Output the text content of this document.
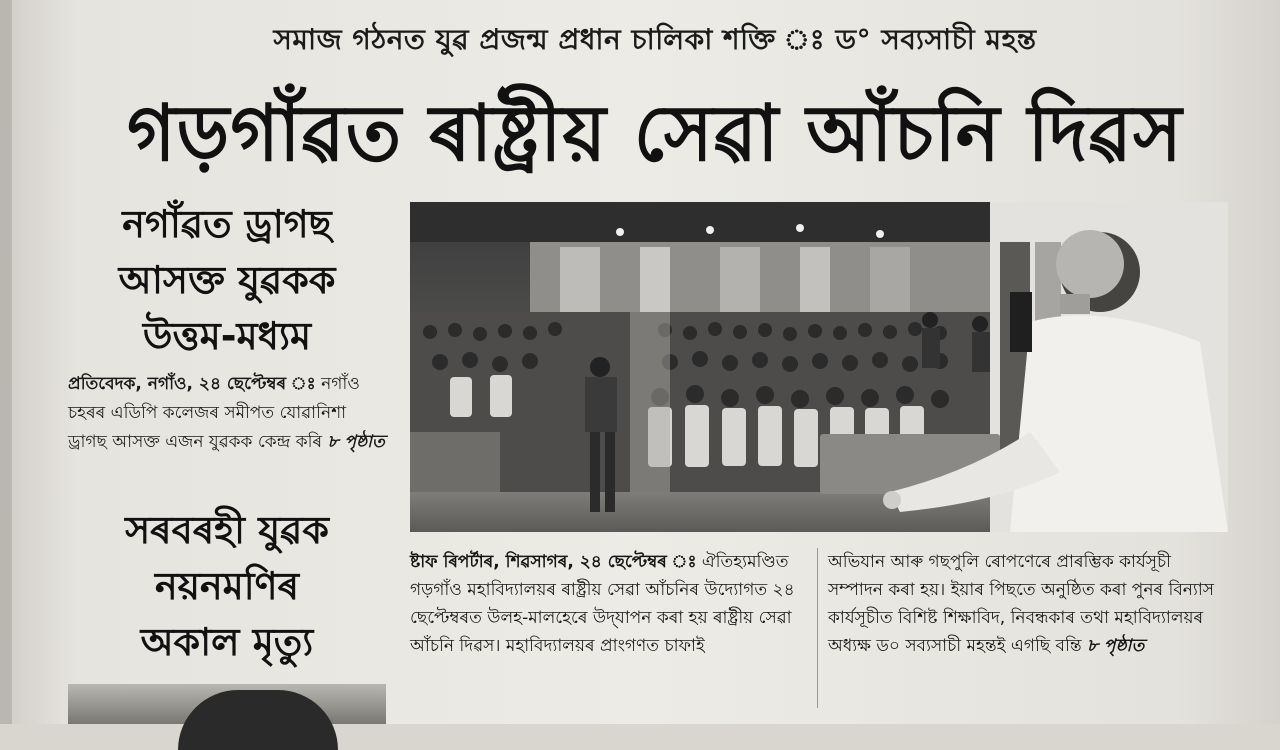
সমাজ গঠনত যুৱ প্ৰজন্ম প্ৰধান চালিকা শক্তি ঃ ড° সব্যসাচী মহন্ত
গড়গাঁৱত ৰাষ্ট্ৰীয় সেৱা আঁচনি দিৱস
নগাঁৱত ড্ৰাগছ
আসক্ত যুৱকক
উত্তম-মধ্যম
প্ৰতিবেদক, নগাঁও, ২৪ ছেপ্টেম্বৰ ঃ নগাঁও চহৰৰ এডিপি কলেজৰ সমীপত যোৱানিশা ড্ৰাগছ আসক্ত এজন যুৱকক কেন্দ্ৰ কৰি ৮ পৃষ্ঠাত
সৰবৰহী যুৱক
নয়নমণিৰ
অকাল মৃত্যু
ষ্টাফ ৰিপৰ্টাৰ, শিৱসাগৰ, ২৪ ছেপ্টেম্বৰ ঃ ঐতিহ্যমণ্ডিত গড়গাঁও মহাবিদ্যালয়ৰ ৰাষ্ট্ৰীয় সেৱা আঁচনিৰ উদ্যোগত ২৪ ছেপ্টেম্বৰত উলহ-মালহেৰে উদ্‌যাপন কৰা হয় ৰাষ্ট্ৰীয় সেৱা আঁচনি দিৱস। মহাবিদ্যালয়ৰ প্ৰাংগণত চাফাই
অভিযান আৰু গছপুলি ৰোপণেৰে প্ৰাৰম্ভিক কাৰ্যসূচী সম্পাদন কৰা হয়। ইয়াৰ পিছতে অনুষ্ঠিত কৰা পুনৰ বিন্যাস কাৰ্যসূচীত বিশিষ্ট শিক্ষাবিদ, নিবন্ধকাৰ তথা মহাবিদ্যালয়ৰ অধ্যক্ষ ড০ সব্যসাচী মহন্তই এগছি বন্তি ৮ পৃষ্ঠাত
